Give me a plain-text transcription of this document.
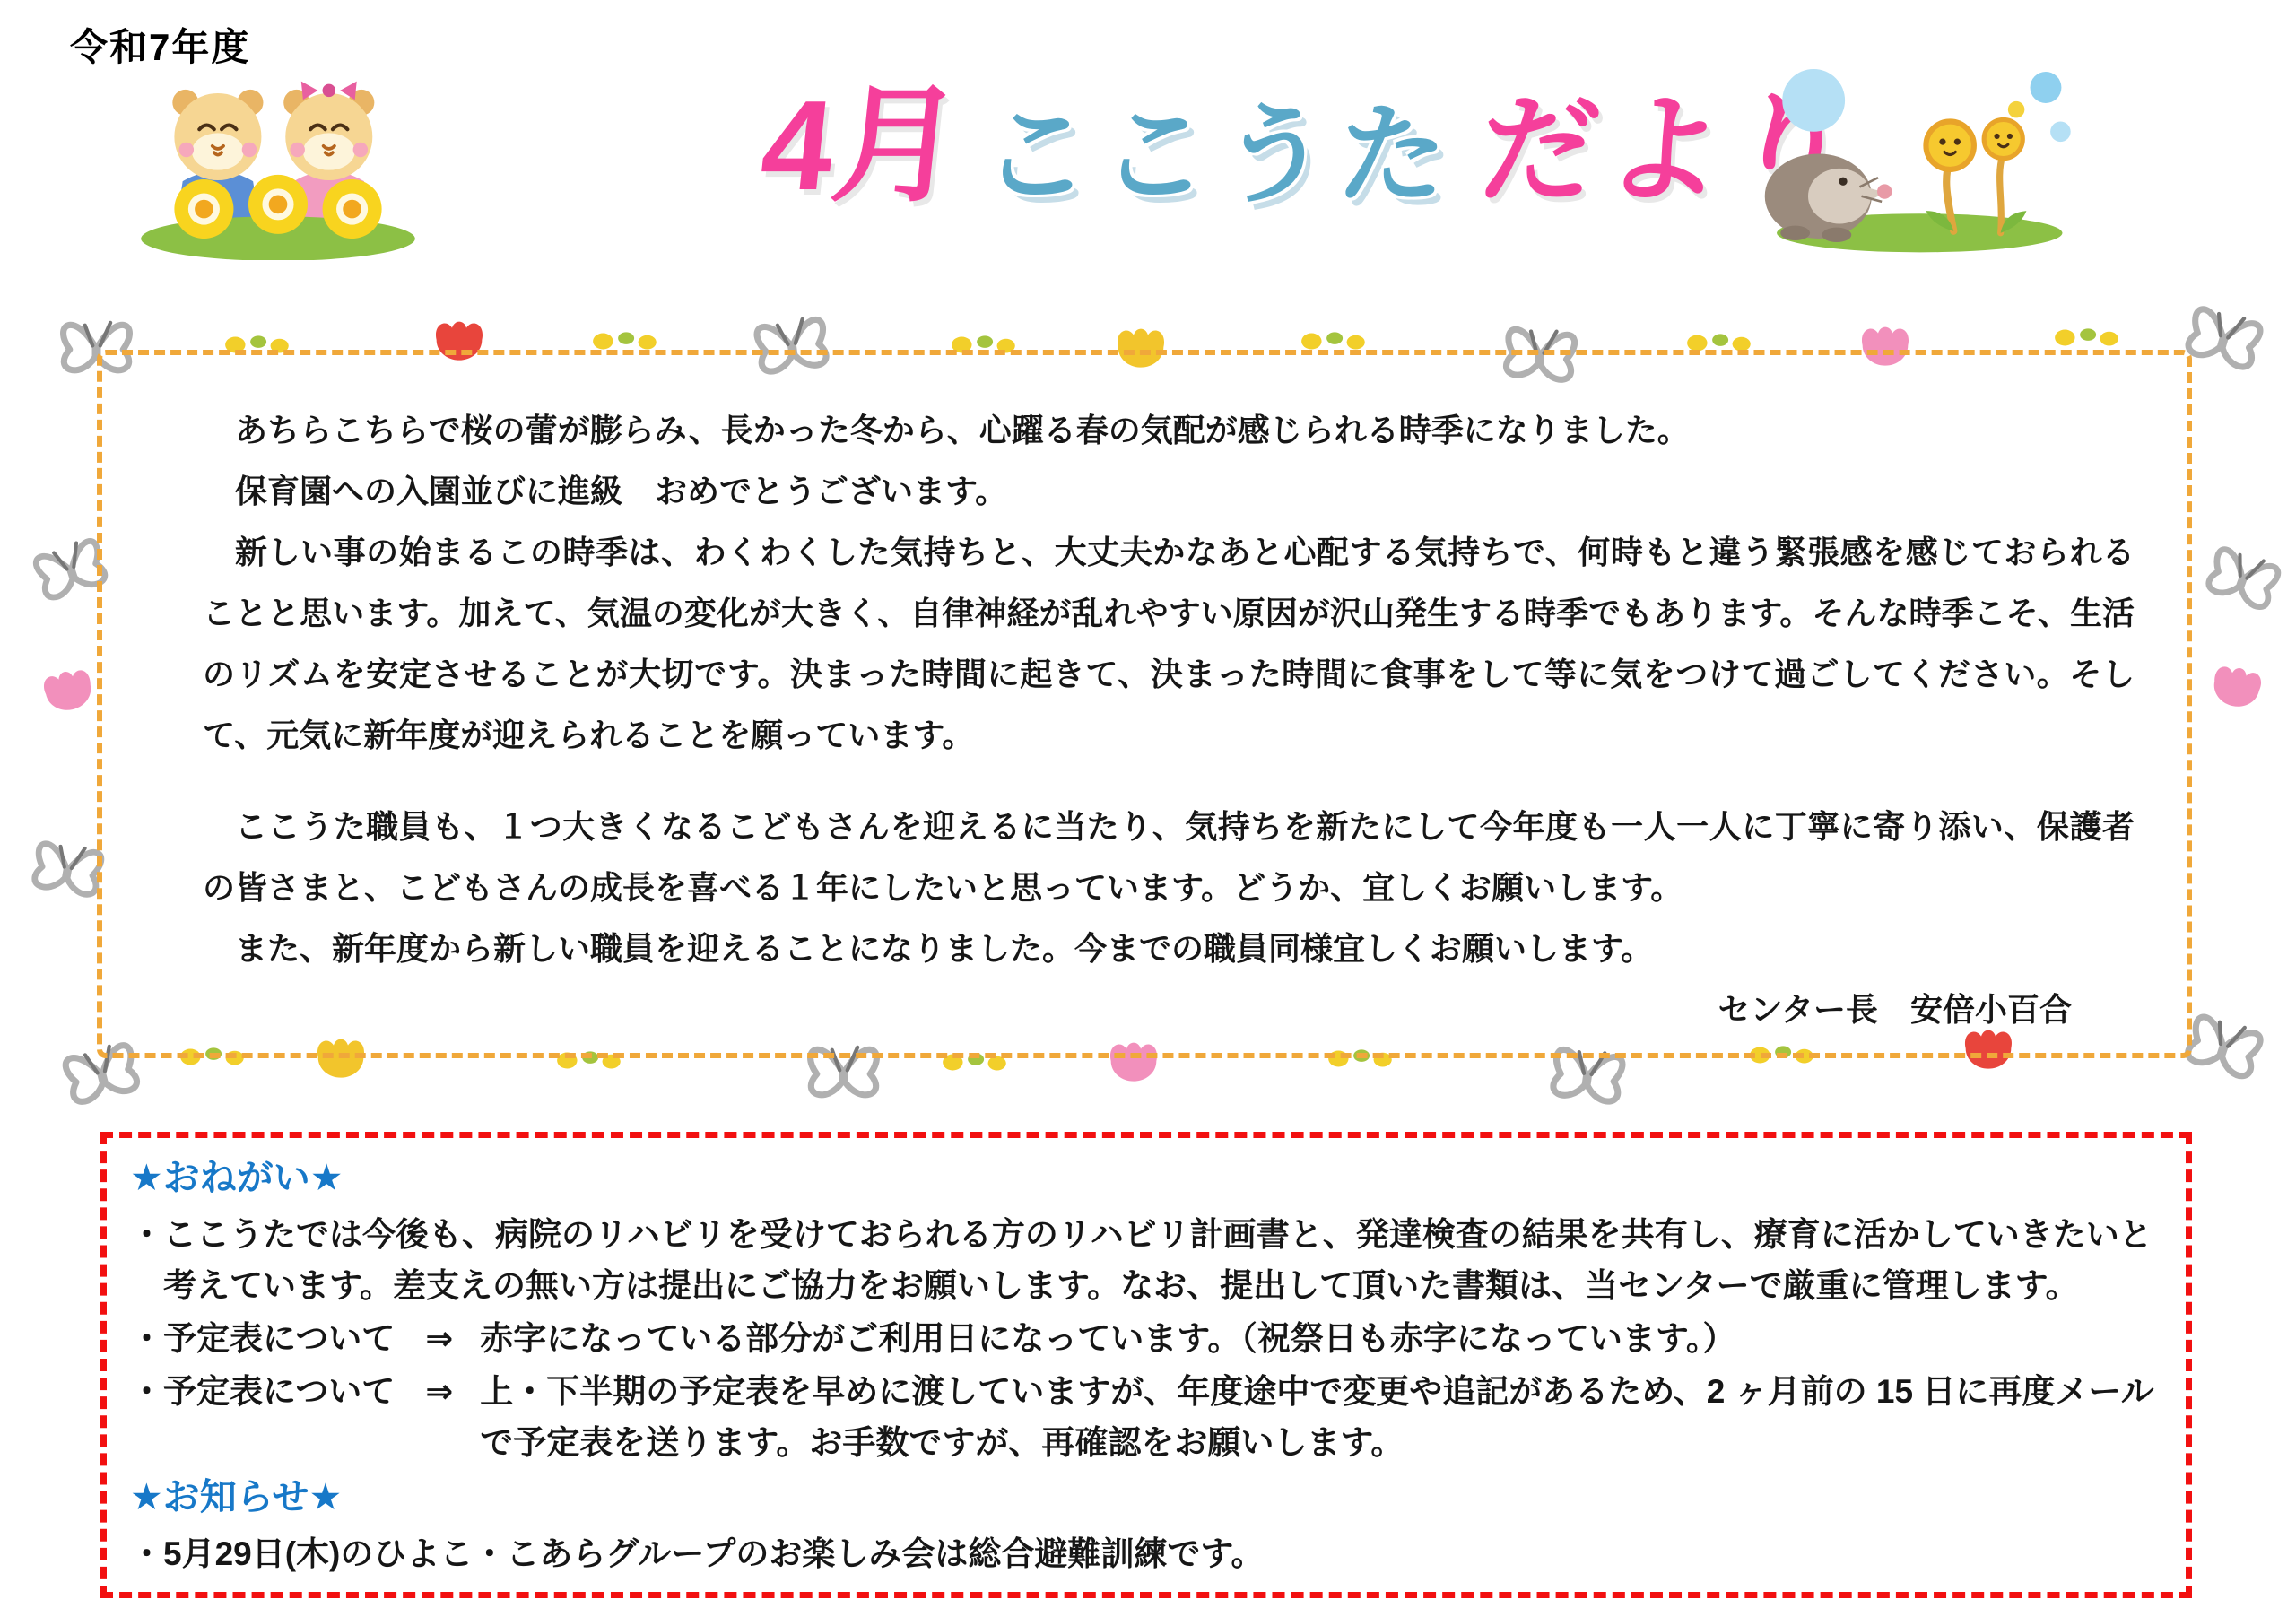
令和7年度
4月 ここうた だより
あちらこちらで桜の蕾が膨らみ、長かった冬から、心躍る春の気配が感じられる時季になりました。
保育園への入園並びに進級　おめでとうございます。
新しい事の始まるこの時季は、わくわくした気持ちと、大丈夫かなあと心配する気持ちで、何時もと違う緊張感を感じておられることと思います。加えて、気温の変化が大きく、自律神経が乱れやすい原因が沢山発生する時季でもあります。そんな時季こそ、生活のリズムを安定させることが大切です。決まった時間に起きて、決まった時間に食事をして等に気をつけて過ごしてください。そして、元気に新年度が迎えられることを願っています。
ここうた職員も、１つ大きくなるこどもさんを迎えるに当たり、気持ちを新たにして今年度も一人一人に丁寧に寄り添い、保護者の皆さまと、こどもさんの成長を喜べる１年にしたいと思っています。どうか、宜しくお願いします。
また、新年度から新しい職員を迎えることになりました。今までの職員同様宜しくお願いします。
センター長　安倍小百合
★おねがい★
・ここうたでは今後も、病院のリハビリを受けておられる方のリハビリ計画書と、発達検査の結果を共有し、療育に活かしていきたいと考えています。差支えの無い方は提出にご協力をお願いします。なお、提出して頂いた書類は、当センターで厳重に管理します。
・予定表について ⇒ 赤字になっている部分がご利用日になっています。（祝祭日も赤字になっています。）
・予定表について ⇒ 上・下半期の予定表を早めに渡していますが、年度途中で変更や追記があるため、2 ヶ月前の 15 日に再度メールで予定表を送ります。お手数ですが、再確認をお願いします。
★お知らせ★
・5月29日(木)のひよこ・こあらグループのお楽しみ会は総合避難訓練です。
